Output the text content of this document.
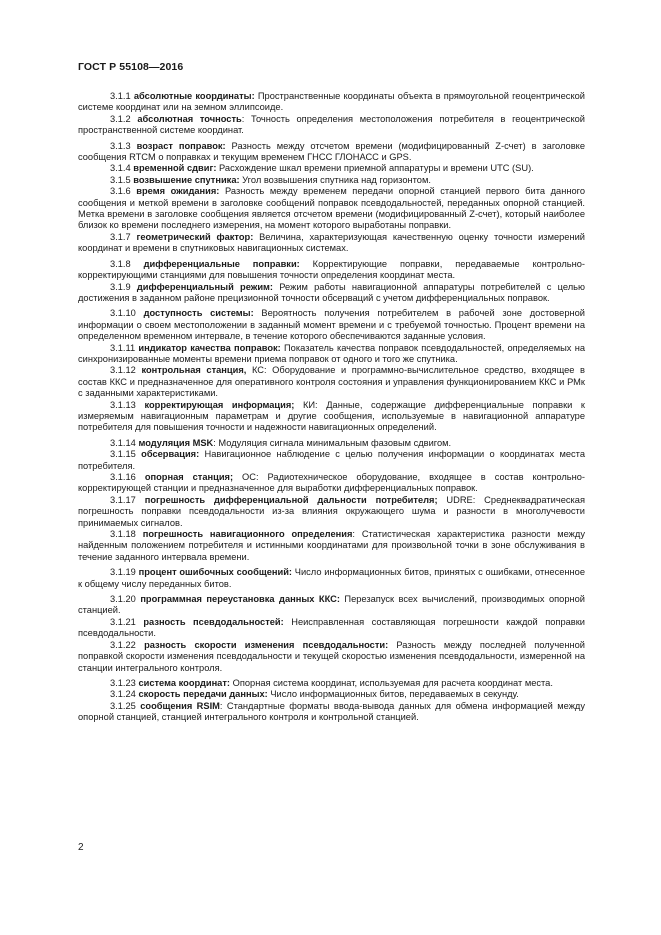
ГОСТ Р 55108—2016

3.1.1 абсолютные координаты: Пространственные координаты объекта в прямоугольной геоцентрической системе координат или на земном эллипсоиде.

3.1.2 абсолютная точность: Точность определения местоположения потребителя в геоцентрической пространственной системе координат.

3.1.3 возраст поправок: Разность между отсчетом времени (модифицированный Z-счет) в заголовке сообщения RTCM о поправках и текущим временем ГНСС ГЛОНАСС и GPS.

3.1.4 временной сдвиг: Расхождение шкал времени приемной аппаратуры и времени UTC (SU).

3.1.5 возвышение спутника: Угол возвышения спутника над горизонтом.

3.1.6 время ожидания: Разность между временем передачи опорной станцией первого бита данного сообщения и меткой времени в заголовке сообщений поправок псевдодальностей, переданных опорной станцией. Метка времени в заголовке сообщения является отсчетом времени (модифицированный Z-счет), который наиболее близок ко времени последнего измерения, на момент которого выработаны поправки.

3.1.7 геометрический фактор: Величина, характеризующая качественную оценку точности измерений координат и времени в спутниковых навигационных системах.

3.1.8 дифференциальные поправки: Корректирующие поправки, передаваемые контрольно-корректирующими станциями для повышения точности определения координат места.

3.1.9 дифференциальный режим: Режим работы навигационной аппаратуры потребителей с целью достижения в заданном районе прецизионной точности обсерваций с учетом дифференциальных поправок.

3.1.10 доступность системы: Вероятность получения потребителем в рабочей зоне достоверной информации о своем местоположении в заданный момент времени и с требуемой точностью. Процент времени на определенном временном интервале, в течение которого обеспечиваются заданные условия.

3.1.11 индикатор качества поправок: Показатель качества поправок псевдодальностей, определяемых на синхронизированные моменты времени приема поправок от одного и того же спутника.

3.1.12 контрольная станция, КС: Оборудование и программно-вычислительное средство, входящее в состав ККС и предназначенное для оперативного контроля состояния и управления функционированием ККС и РМк с заданными характеристиками.

3.1.13 корректирующая информация; КИ: Данные, содержащие дифференциальные поправки к измеряемым навигационным параметрам и другие сообщения, используемые в навигационной аппаратуре потребителя для повышения точности и надежности навигационных определений.

3.1.14 модуляция MSK: Модуляция сигнала минимальным фазовым сдвигом.

3.1.15 обсервация: Навигационное наблюдение с целью получения информации о координатах места потребителя.

3.1.16 опорная станция; ОС: Радиотехническое оборудование, входящее в состав контрольно-корректирующей станции и предназначенное для выработки дифференциальных поправок.

3.1.17 погрешность дифференциальной дальности потребителя; UDRE: Среднеквадратическая погрешность поправки псевдодальности из-за влияния окружающего шума и разности в многолучевости принимаемых сигналов.

3.1.18 погрешность навигационного определения: Статистическая характеристика разности между найденным положением потребителя и истинными координатами для произвольной точки в зоне обслуживания в течение заданного интервала времени.

3.1.19 процент ошибочных сообщений: Число информационных битов, принятых с ошибками, отнесенное к общему числу переданных битов.

3.1.20 программная переустановка данных ККС: Перезапуск всех вычислений, производимых опорной станцией.

3.1.21 разность псевдодальностей: Неисправленная составляющая погрешности каждой поправки псевдодальности.

3.1.22 разность скорости изменения псевдодальности: Разность между последней полученной поправкой скорости изменения псевдодальности и текущей скоростью изменения псевдодальности, измеренной на станции интегрального контроля.

3.1.23 система координат: Опорная система координат, используемая для расчета координат места.

3.1.24 скорость передачи данных: Число информационных битов, передаваемых в секунду.

3.1.25 сообщения RSIM: Стандартные форматы ввода-вывода данных для обмена информацией между опорной станцией, станцией интегрального контроля и контрольной станцией.

2
